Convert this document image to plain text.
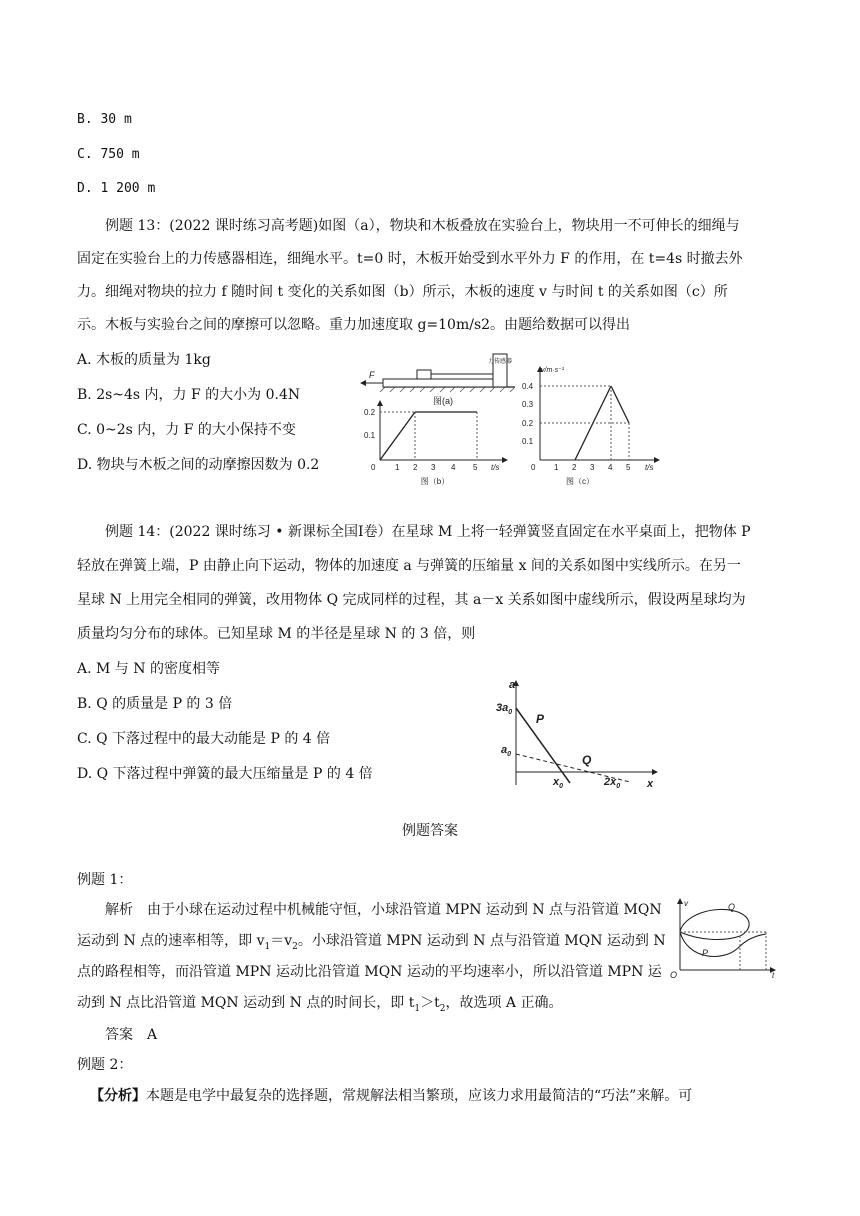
B. 30 m
C. 750 m
D. 1 200 m
例题 13：(2022 课时练习高考题)如图（a），物块和木板叠放在实验台上，物块用一不可伸长的细绳与
固定在实验台上的力传感器相连，细绳水平。t=0 时，木板开始受到水平外力 F 的作用，在 t=4s 时撤去外
力。细绳对物块的拉力 f 随时间 t 变化的关系如图（b）所示，木板的速度 v 与时间 t 的关系如图（c）所
示。木板与实验台之间的摩擦可以忽略。重力加速度取 g=10m/s2。由题给数据可以得出
A. 木板的质量为 1kg
B. 2s~4s 内，力 F 的大小为 0.4N
C. 0~2s 内，力 F 的大小保持不变
D. 物块与木板之间的动摩擦因数为 0.2
力传感器
F
图(a)
0.2
0.1
0 1 2 3 4 5 t/s
图（b）
v/m·s⁻¹
0.4
0.3
0.2
0.1
0 1 2 3 4 5 t/s
图（c）
例题 14：(2022 课时练习 • 新课标全国Ⅰ卷）在星球 M 上将一轻弹簧竖直固定在水平桌面上，把物体 P
轻放在弹簧上端，P 由静止向下运动，物体的加速度 a 与弹簧的压缩量 x 间的关系如图中实线所示。在另一
星球 N 上用完全相同的弹簧，改用物体 Q 完成同样的过程，其 a－x 关系如图中虚线所示，假设两星球均为
质量均匀分布的球体。已知星球 M 的半径是星球 N 的 3 倍，则
A. M 与 N 的密度相等
B. Q 的质量是 P 的 3 倍
C. Q 下落过程中的最大动能是 P 的 4 倍
D. Q 下落过程中弹簧的最大压缩量是 P 的 4 倍
a
x
$3a_0$
$a_0$
P
Q
$x_0$	$2x_0$
例题答案
例题 1：
解析　由于小球在运动过程中机械能守恒，小球沿管道 MPN 运动到 N 点与沿管道 MQN
运动到 N 点的速率相等，即 $v_1=v_2$。小球沿管道 MPN 运动到 N 点与沿管道 MQN 运动到 N
点的路程相等，而沿管道 MPN 运动比沿管道 MQN 运动的平均速率小，所以沿管道 MPN 运
动到 N 点比沿管道 MQN 运动到 N 点的时间长，即 $t_1>t_2$，故选项 A 正确。
答案　A
v	Q
P
O	t
例题 2：
【分析】本题是电学中最复杂的选择题，常规解法相当繁琐，应该力求用最简洁的“巧法”来解。可
